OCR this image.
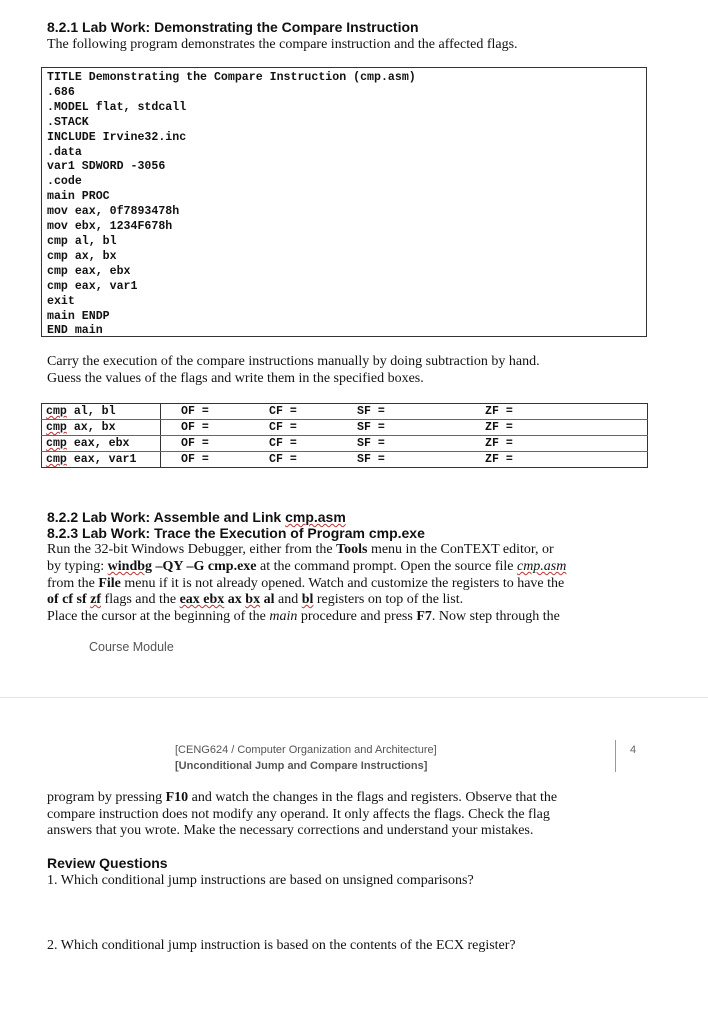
8.2.1 Lab Work: Demonstrating the Compare Instruction

The following program demonstrates the compare instruction and the affected flags.

TITLE Demonstrating the Compare Instruction (cmp.asm)
.686
.MODEL flat, stdcall
.STACK
INCLUDE Irvine32.inc
.data
var1 SDWORD -3056
.code
main PROC
mov eax, 0f7893478h
mov ebx, 1234F678h
cmp al, bl
cmp ax, bx
cmp eax, ebx
cmp eax, var1
exit
main ENDP
END main

Carry the execution of the compare instructions manually by doing subtraction by hand.

Guess the values of the flags and write them in the specified boxes.

cmp al, bl	OF =	CF =	SF =	ZF =
cmp ax, bx	OF =	CF =	SF =	ZF =
cmp eax, ebx	OF =	CF =	SF =	ZF =
cmp eax, var1	OF =	CF =	SF =	ZF =
8.2.2 Lab Work: Assemble and Link cmp.asm
8.2.3 Lab Work: Trace the Execution of Program cmp.exe

Run the 32-bit Windows Debugger, either from the Tools menu in the ConTEXT editor, or

by typing: windbg –QY –G cmp.exe at the command prompt. Open the source file cmp.asm

from the File menu if it is not already opened. Watch and customize the registers to have the

of cf sf zf flags and the eax ebx ax bx al and bl registers on top of the list.

Place the cursor at the beginning of the main procedure and press F7. Now step through the

Course Module
[CENG624 / Computer Organization and Architecture]
[Unconditional Jump and Compare Instructions]
4

program by pressing F10 and watch the changes in the flags and registers. Observe that the

compare instruction does not modify any operand. It only affects the flags. Check the flag

answers that you wrote. Make the necessary corrections and understand your mistakes.

Review Questions

1. Which conditional jump instructions are based on unsigned comparisons?

2. Which conditional jump instruction is based on the contents of the ECX register?
